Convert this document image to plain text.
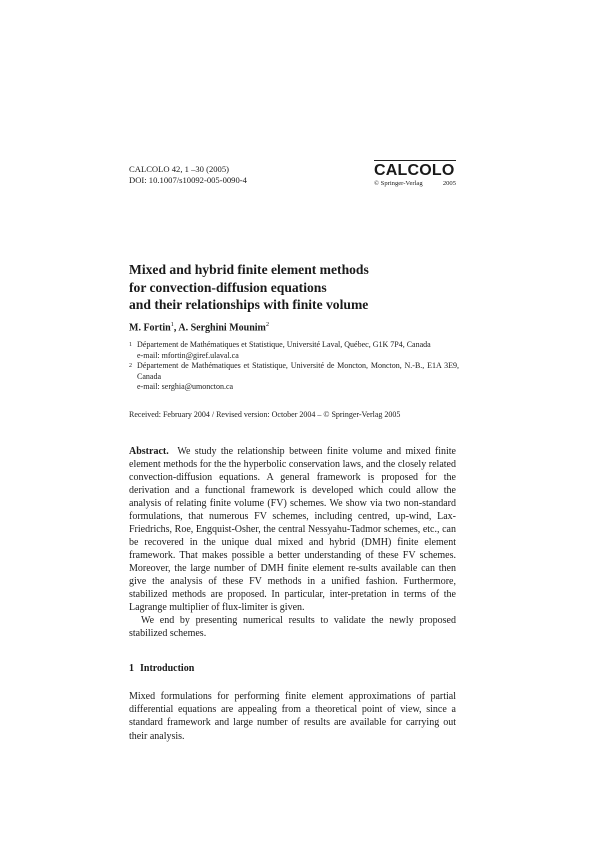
CALCOLO 42, 1 –30 (2005)
DOI: 10.1007/s10092-005-0090-4
CALCOLO
© Springer-Verlag	2005
Mixed and hybrid finite element methods
for convection-diffusion equations
and their relationships with finite volume
M. Fortin$^1$, A. Serghini Mounim$^2$
1 Département de Mathématiques et Statistique, Université Laval, Québec, G1K 7P4, Canada
e-mail: mfortin@giref.ulaval.ca
2 Département de Mathématiques et Statistique, Université de Moncton, Moncton, N.-B., E1A 3E9, Canada
e-mail: serghia@umoncton.ca
Received: February 2004 / Revised version: October 2004 – © Springer-Verlag 2005

Abstract. We study the relationship between finite volume and mixed finite element methods for the the hyperbolic conservation laws, and the closely related convection-diffusion equations. A general framework is proposed for the derivation and a functional framework is developed which could allow the analysis of relating finite volume (FV) schemes. We show via two non-standard formulations, that numerous FV schemes, including centred, up-wind, Lax-Friedrichs, Roe, Engquist-Osher, the central Nessyahu-Tadmor schemes, etc., can be recovered in the unique dual mixed and hybrid (DMH) finite element framework. That makes possible a better understanding of these FV schemes. Moreover, the large number of DMH finite element re-sults available can then give the analysis of these FV methods in a unified fashion. Furthermore, stabilized methods are proposed. In particular, inter-pretation in terms of the Lagrange multiplier of flux-limiter is given.

We end by presenting numerical results to validate the newly proposed stabilized schemes.

1 Introduction
Mixed formulations for performing finite element approximations of partial differential equations are appealing from a theoretical point of view, since a standard framework and large number of results are available for carrying out their analysis.
